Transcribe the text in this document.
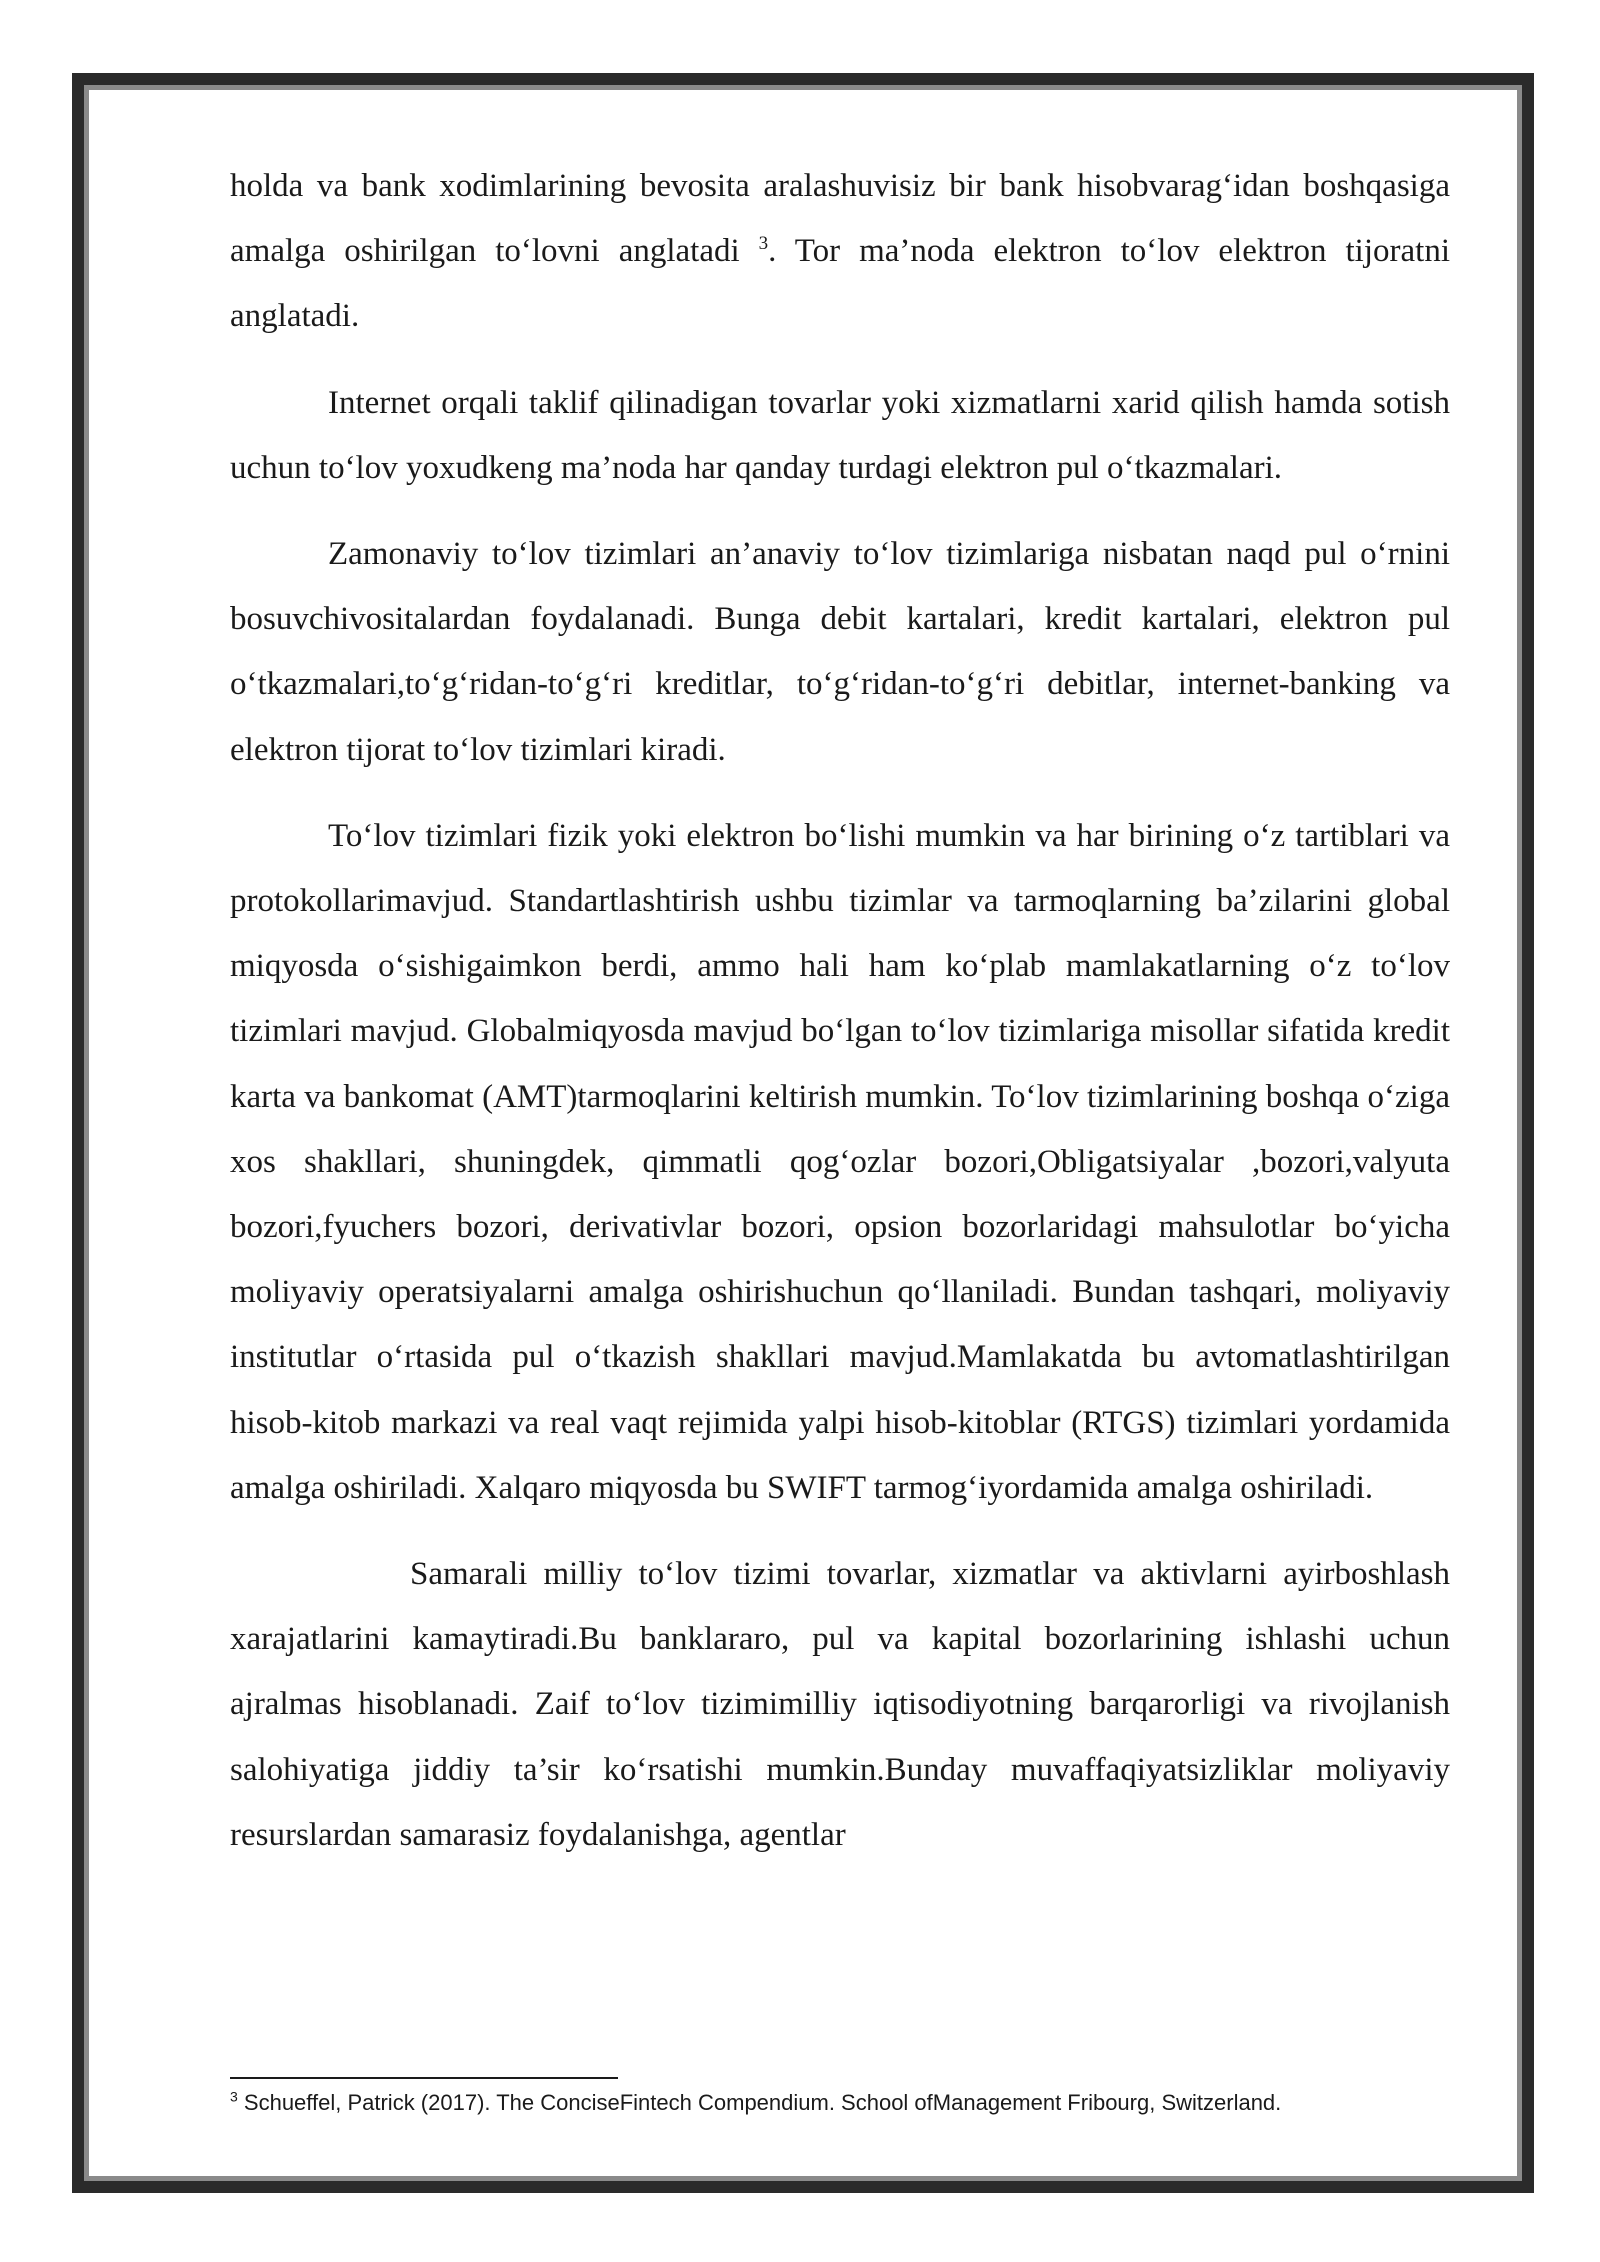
holda va bank xodimlarining bevosita aralashuvisiz bir bank hisobvarag‘idan boshqasiga amalga oshirilgan to‘lovni anglatadi $^3$. Tor ma’noda elektron to‘lov elektron tijoratni anglatadi.

Internet orqali taklif qilinadigan tovarlar yoki xizmatlarni xarid qilish hamda sotish uchun to‘lov yoxudkeng ma’noda har qanday turdagi elektron pul o‘tkazmalari.

Zamonaviy to‘lov tizimlari an’anaviy to‘lov tizimlariga nisbatan naqd pul o‘rnini bosuvchivositalardan foydalanadi. Bunga debit kartalari, kredit kartalari, elektron pul o‘tkazmalari,to‘g‘ridan-to‘g‘ri kreditlar, to‘g‘ridan-to‘g‘ri debitlar, internet-banking va elektron tijorat to‘lov tizimlari kiradi.

To‘lov tizimlari fizik yoki elektron bo‘lishi mumkin va har birining o‘z tartiblari va protokollarimavjud. Standartlashtirish ushbu tizimlar va tarmoqlarning ba’zilarini global miqyosda o‘sishigaimkon berdi, ammo hali ham ko‘plab mamlakatlarning o‘z to‘lov tizimlari mavjud. Globalmiqyosda mavjud bo‘lgan to‘lov tizimlariga misollar sifatida kredit karta va bankomat (AMT)tarmoqlarini keltirish mumkin. To‘lov tizimlarining boshqa o‘ziga xos shakllari, shuningdek, qimmatli qog‘ozlar bozori,Obligatsiyalar ,bozori,valyuta bozori,fyuchers bozori, derivativlar bozori, opsion bozorlaridagi mahsulotlar bo‘yicha moliyaviy operatsiyalarni amalga oshirishuchun qo‘llaniladi. Bundan tashqari, moliyaviy institutlar o‘rtasida pul o‘tkazish shakllari mavjud.Mamlakatda bu avtomatlashtirilgan hisob-kitob markazi va real vaqt rejimida yalpi hisob-kitoblar (RTGS) tizimlari yordamida amalga oshiriladi. Xalqaro miqyosda bu SWIFT tarmog‘iyordamida amalga oshiriladi.

Samarali milliy to‘lov tizimi tovarlar, xizmatlar va aktivlarni ayirboshlash xarajatlarini kamaytiradi.Bu banklararo, pul va kapital bozorlarining ishlashi uchun ajralmas hisoblanadi. Zaif to‘lov tizimimilliy iqtisodiyotning barqarorligi va rivojlanish salohiyatiga jiddiy ta’sir ko‘rsatishi mumkin.Bunday muvaffaqiyatsizliklar moliyaviy resurslardan samarasiz foydalanishga, agentlar

$^3$ Schueffel, Patrick (2017). The ConciseFintech Compendium. School ofManagement Fribourg, Switzerland.
